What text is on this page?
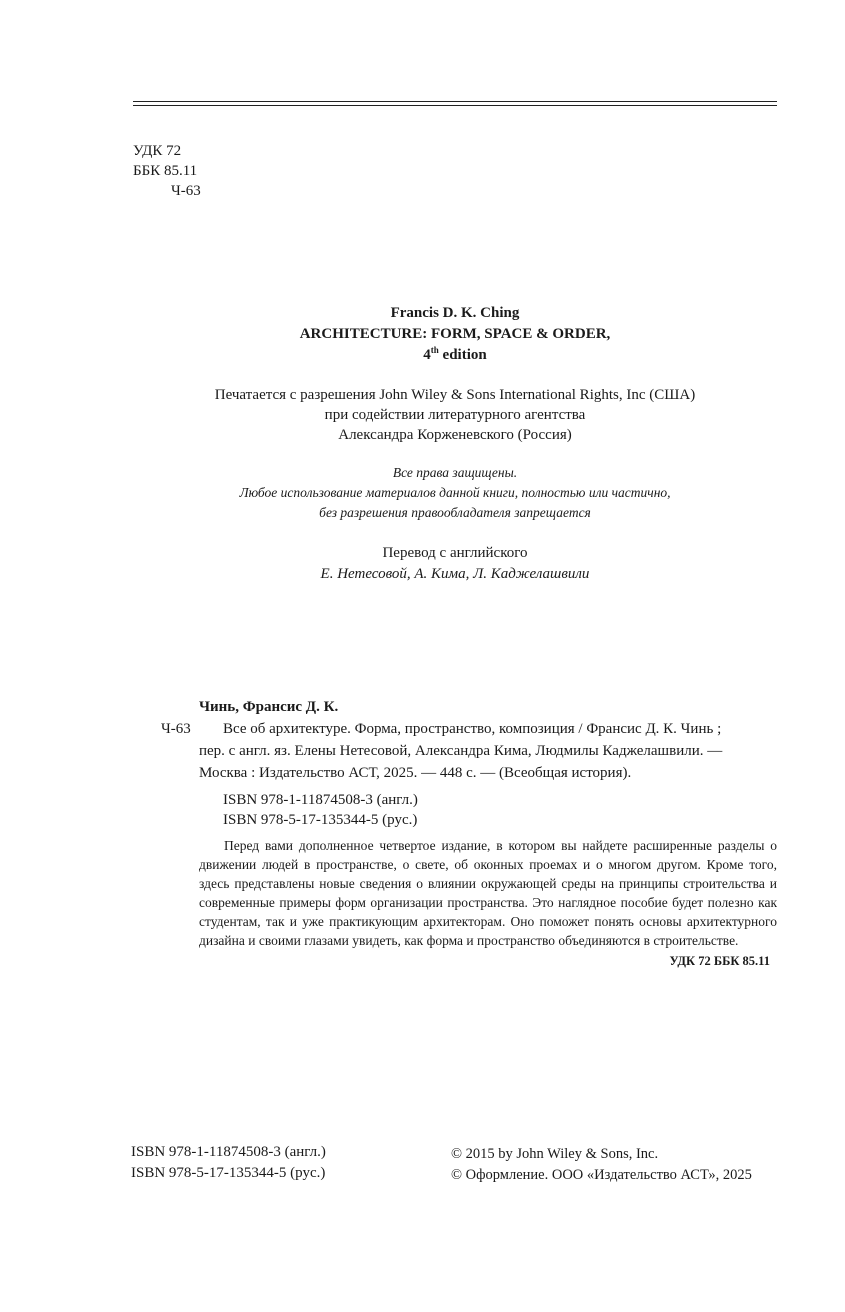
УДК 72
ББК 85.11
Ч-63
Francis D. K. Ching
ARCHITECTURE: FORM, SPACE & ORDER,
4th edition
Печатается с разрешения John Wiley & Sons International Rights, Inc (США)
при содействии литературного агентства
Александра Корженевского (Россия)
Все права защищены.
Любое использование материалов данной книги, полностью или частично,
без разрешения правообладателя запрещается
Перевод с английского
Е. Нетесовой, А. Кима, Л. Каджелашвили
Чинь, Франсис Д. К.
Ч-63	Все об архитектуре. Форма, пространство, композиция / Франсис Д. К. Чинь ;
пер. с англ. яз. Елены Нетесовой, Александра Кима, Людмилы Каджелашвили. —
Москва : Издательство АСТ, 2025. — 448 с. — (Всеобщая история).
ISBN 978-1-11874508-3 (англ.)
ISBN 978-5-17-135344-5 (рус.)
Перед вами дополненное четвертое издание, в котором вы найдете расширенные разделы о движении людей в пространстве, о свете, об оконных проемах и о многом другом. Кроме того, здесь представлены новые сведения о влиянии окружающей среды на принципы строительства и современные примеры форм организации пространства. Это наглядное пособие будет полезно как студентам, так и уже практикующим архитекторам. Оно поможет понять основы архитектурного дизайна и своими глазами увидеть, как форма и пространство объединяются в строительстве.
УДК 72 ББК 85.11
ISBN 978-1-11874508-3 (англ.)
ISBN 978-5-17-135344-5 (рус.)
© 2015 by John Wiley & Sons, Inc.
© Оформление. ООО «Издательство АСТ», 2025
